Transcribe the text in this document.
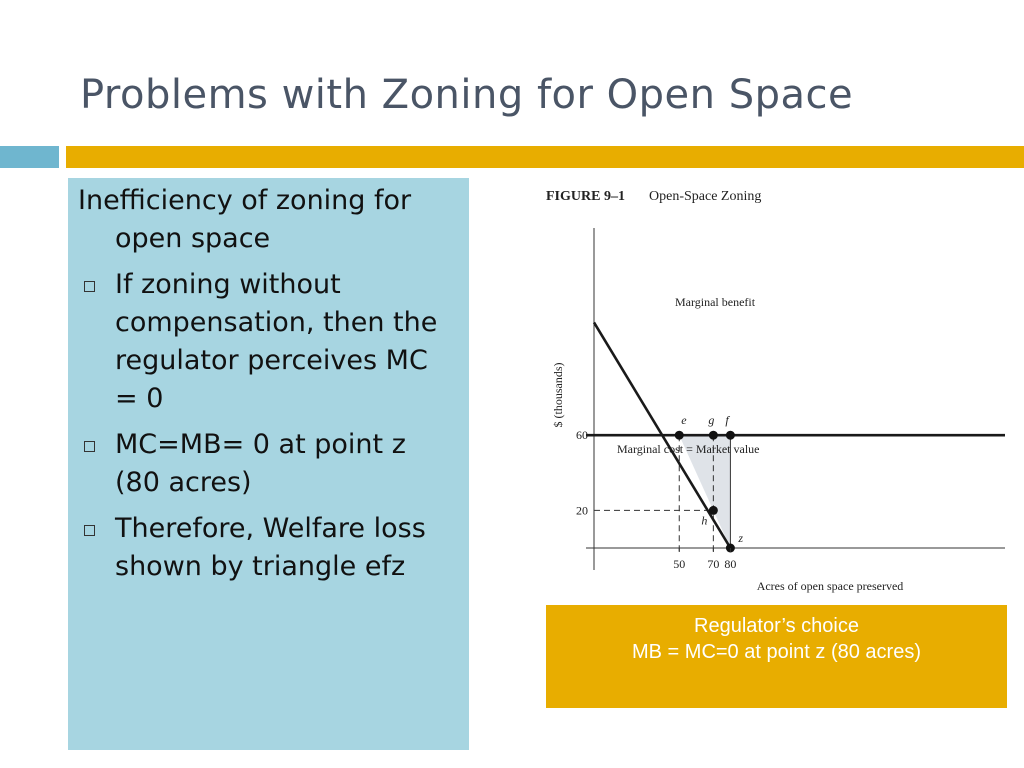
Problems with Zoning for Open Space
Inefficiency of zoning for open space
If zoning without compensation, then the regulator perceives MC = 0
MC=MB= 0 at point z (80 acres)
Therefore, Welfare loss shown by triangle efz
FIGURE 9–1 Open-Space Zoning
e g f
h
z
50 70 80
60
20
Marginal benefit
Marginal cost = Market value
$ (thousands)
Acres of open space preserved
Regulator’s choice
MB = MC=0 at point z (80 acres)
